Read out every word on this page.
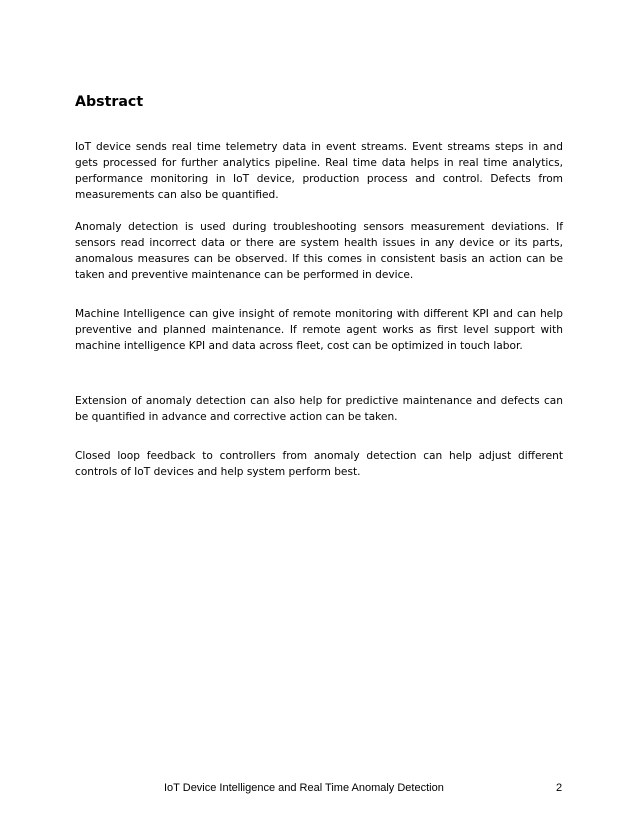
Abstract

IoT device sends real time telemetry data in event streams. Event streams steps in and gets processed for further analytics pipeline. Real time data helps in real time analytics, performance monitoring in IoT device, production process and control. Defects from measurements can also be quantified.

Anomaly detection is used during troubleshooting sensors measurement deviations. If sensors read incorrect data or there are system health issues in any device or its parts, anomalous measures can be observed. If this comes in consistent basis an action can be taken and preventive maintenance can be performed in device.

Machine Intelligence can give insight of remote monitoring with different KPI and can help preventive and planned maintenance. If remote agent works as first level support with machine intelligence KPI and data across fleet, cost can be optimized in touch labor.

Extension of anomaly detection can also help for predictive maintenance and defects can be quantified in advance and corrective action can be taken.

Closed loop feedback to controllers from anomaly detection can help adjust different controls of IoT devices and help system perform best.

IoT Device Intelligence and Real Time Anomaly Detection	2
